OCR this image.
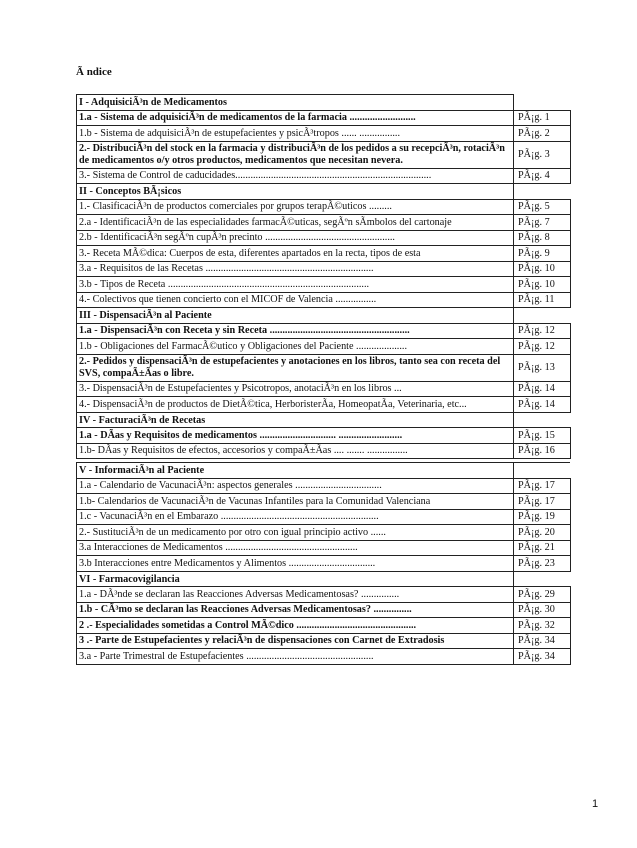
Ã ndice
I - AdquisiciÃ³n de Medicamentos	
1.a - Sistema de adquisiciÃ³n de medicamentos de la farmacia ..........................	PÃ¡g. 1
1.b - Sistema de adquisiciÃ³n de estupefacientes y psicÃ³tropos ...... ................	PÃ¡g. 2
2.- DistribuciÃ³n del stock en la farmacia y distribuciÃ³n de los pedidos a su recepciÃ³n, rotaciÃ³n de medicamentos o/y otros productos, medicamentos que necesitan nevera.	PÃ¡g. 3
3.- Sistema de Control de caducidades.............................................................................	PÃ¡g. 4
II - Conceptos BÃ¡sicos	
1.- ClasificaciÃ³n de productos comerciales por grupos terapÃ©uticos .........	PÃ¡g. 5
2.a - IdentificaciÃ³n de las especialidades farmacÃ©uticas, segÃºn sÃmbolos del cartonaje	PÃ¡g. 7
2.b - IdentificaciÃ³n segÃºn cupÃ³n precinto ...................................................	PÃ¡g. 8
3.- Receta MÃ©dica: Cuerpos de esta, diferentes apartados en la recta, tipos de esta	PÃ¡g. 9
3.a - Requisitos de las Recetas ..................................................................	PÃ¡g. 10
3.b - Tipos de Receta ...............................................................................	PÃ¡g. 10
4.- Colectivos que tienen concierto con el MICOF de Valencia ................	PÃ¡g. 11
III - DispensaciÃ³n al Paciente	
1.a - DispensaciÃ³n con Receta y sin Receta .......................................................	PÃ¡g. 12
1.b - Obligaciones del FarmacÃ©utico y Obligaciones del Paciente ....................	PÃ¡g. 12
2.- Pedidos y dispensaciÃ³n de estupefacientes y anotaciones en los libros, tanto sea con receta del SVS, compaÃ±Ãas o libre.	PÃ¡g. 13
3.- DispensaciÃ³n de Estupefacientes y Psicotropos, anotaciÃ³n en los libros ...	PÃ¡g. 14
4.- DispensaciÃ³n de productos de DietÃ©tica, HerboristerÃa, HomeopatÃa, Veterinaria, etc...	PÃ¡g. 14
IV - FacturaciÃ³n de Recetas	
1.a - DÃas y Requisitos de medicamentos .............................. .........................	PÃ¡g. 15
1.b- DÃas y Requisitos de efectos, accesorios y compaÃ±Ãas .... ....... ................	PÃ¡g. 16

V - InformaciÃ³n al Paciente	
1.a - Calendario de VacunaciÃ³n: aspectos generales ..................................	PÃ¡g. 17
1.b- Calendarios de VacunaciÃ³n de Vacunas Infantiles para la Comunidad Valenciana	PÃ¡g. 17
1.c - VacunaciÃ³n en el Embarazo ..............................................................	PÃ¡g. 19
2.- SustituciÃ³n de un medicamento por otro con igual principio activo ......	PÃ¡g. 20
3.a Interacciones de Medicamentos ....................................................	PÃ¡g. 21
3.b Interacciones entre Medicamentos y Alimentos ..................................	PÃ¡g. 23
VI - Farmacovigilancia	
1.a - DÃ³nde se declaran las Reacciones Adversas Medicamentosas? ...............	PÃ¡g. 29
1.b - CÃ³mo se declaran las Reacciones Adversas Medicamentosas? ...............	PÃ¡g. 30
2 .- Especialidades sometidas a Control MÃ©dico ...............................................	PÃ¡g. 32
3 .- Parte de Estupefacientes y relaciÃ³n de dispensaciones con Carnet de Extradosis	PÃ¡g. 34
3.a - Parte Trimestral de Estupefacientes ..................................................	PÃ¡g. 34
1
